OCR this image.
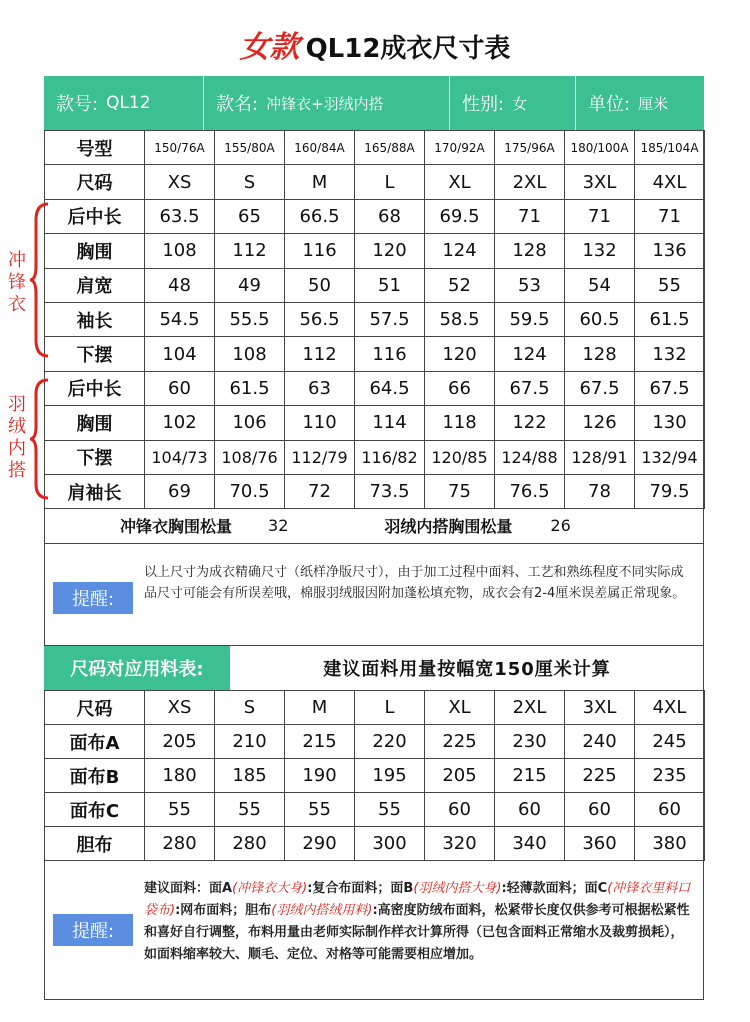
女款 QL12成衣尺寸表
款号: QL12	款名: 冲锋衣+羽绒内搭	性别: 女	单位: 厘米
号型	150/76A	155/80A	160/84A	165/88A	170/92A	175/96A	180/100A	185/104A
尺码	XS	S	M	L	XL	2XL	3XL	4XL
后中长	63.5	65	66.5	68	69.5	71	71	71
胸围	108	112	116	120	124	128	132	136
肩宽	48	49	50	51	52	53	54	55
袖长	54.5	55.5	56.5	57.5	58.5	59.5	60.5	61.5
下摆	104	108	112	116	120	124	128	132
后中长	60	61.5	63	64.5	66	67.5	67.5	67.5
胸围	102	106	110	114	118	122	126	130
下摆	104/73	108/76	112/79	116/82	120/85	124/88	128/91	132/94
肩袖长	69	70.5	72	73.5	75	76.5	78	79.5
冲
锋
衣
羽
绒
内
搭
冲锋衣胸围松量 32	羽绒内搭胸围松量 26
提醒:
以上尺寸为成衣精确尺寸（纸样净版尺寸），由于加工过程中面料、工艺和熟练程度不同实际成品尺寸可能会有所误差哦，棉服羽绒服因附加蓬松填充物，成衣会有2-4厘米误差属正常现象。
尺码对应用料表:	建议面料用量按幅宽150厘米计算
尺码	XS	S	M	L	XL	2XL	3XL	4XL
面布A	205	210	215	220	225	230	240	245
面布B	180	185	190	195	205	215	225	235
面布C	55	55	55	55	60	60	60	60
胆布	280	280	290	300	320	340	360	380
提醒:
建议面料：面A(冲锋衣大身):复合布面料；面B(羽绒内搭大身):轻薄款面料；面C(冲锋衣里料口袋布):网布面料；胆布(羽绒内搭绒用料):高密度防绒布面料，松紧带长度仅供参考可根据松紧性和喜好自行调整，布料用量由老师实际制作样衣计算所得（已包含面料正常缩水及裁剪损耗），如面料缩率较大、顺毛、定位、对格等可能需要相应增加。
